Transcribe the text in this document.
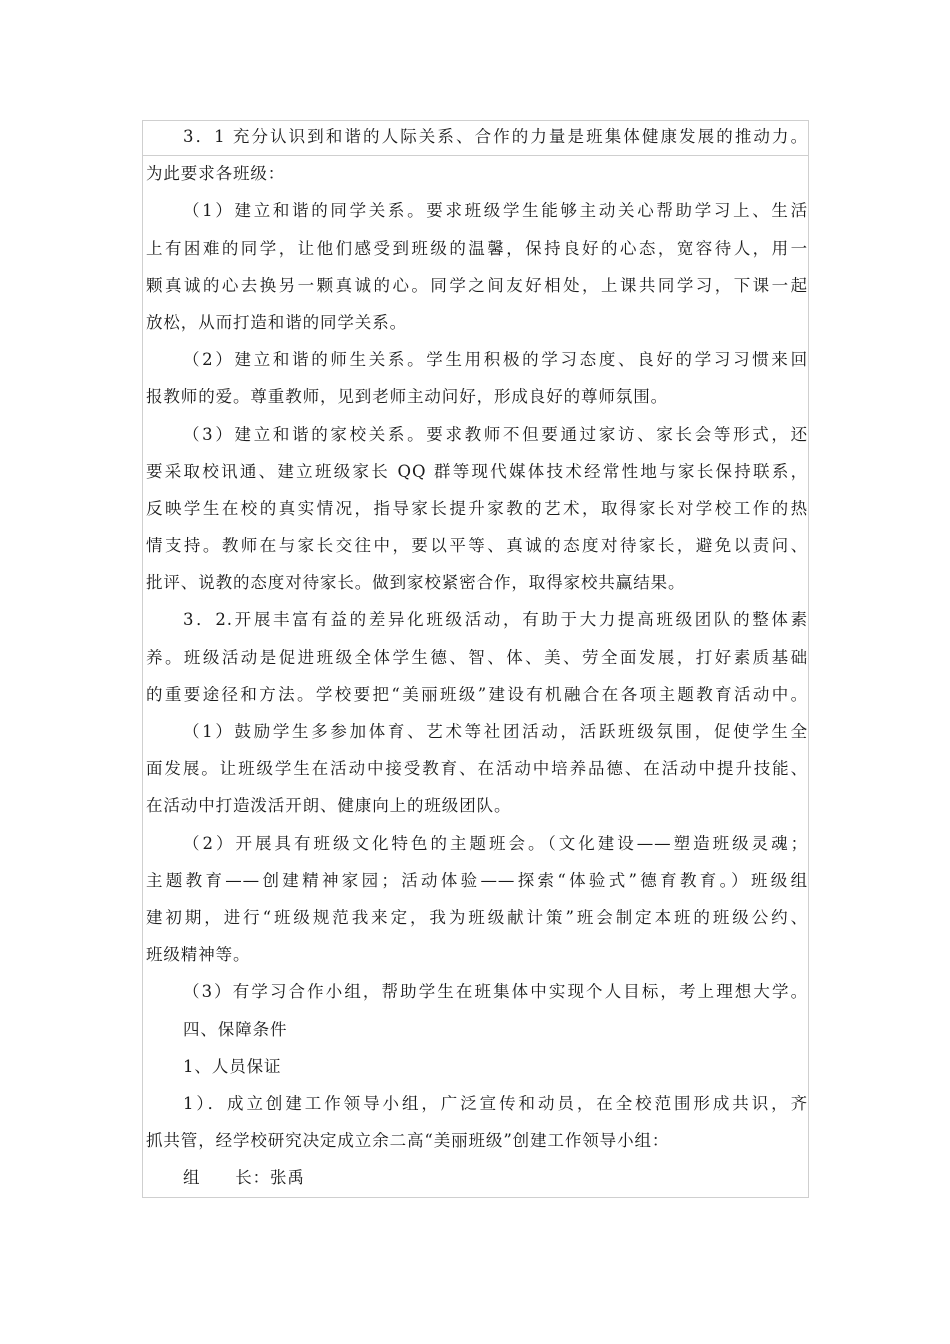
3．1 充分认识到和谐的人际关系、合作的力量是班集体健康发展的推动力。
为此要求各班级：
（1）建立和谐的同学关系。要求班级学生能够主动关心帮助学习上、生活
上有困难的同学，让他们感受到班级的温馨，保持良好的心态，宽容待人，用一
颗真诚的心去换另一颗真诚的心。同学之间友好相处，上课共同学习，下课一起
放松，从而打造和谐的同学关系。
（2）建立和谐的师生关系。学生用积极的学习态度、良好的学习习惯来回
报教师的爱。尊重教师，见到老师主动问好，形成良好的尊师氛围。
（3）建立和谐的家校关系。要求教师不但要通过家访、家长会等形式，还
要采取校讯通、建立班级家长 QQ 群等现代媒体技术经常性地与家长保持联系，
反映学生在校的真实情况，指导家长提升家教的艺术，取得家长对学校工作的热
情支持。教师在与家长交往中，要以平等、真诚的态度对待家长，避免以责问、
批评、说教的态度对待家长。做到家校紧密合作，取得家校共赢结果。
3．2.开展丰富有益的差异化班级活动，有助于大力提高班级团队的整体素
养。班级活动是促进班级全体学生德、智、体、美、劳全面发展，打好素质基础
的重要途径和方法。学校要把“美丽班级”建设有机融合在各项主题教育活动中。
（1）鼓励学生多参加体育、艺术等社团活动，活跃班级氛围，促使学生全
面发展。让班级学生在活动中接受教育、在活动中培养品德、在活动中提升技能、
在活动中打造泼活开朗、健康向上的班级团队。
（2）开展具有班级文化特色的主题班会。（文化建设——塑造班级灵魂；
主题教育——创建精神家园；活动体验——探索“体验式”德育教育。）班级组
建初期，进行“班级规范我来定，我为班级献计策”班会制定本班的班级公约、
班级精神等。
（3）有学习合作小组，帮助学生在班集体中实现个人目标，考上理想大学。
四、保障条件
1、人员保证
1）．成立创建工作领导小组，广泛宣传和动员，在全校范围形成共识，齐
抓共管，经学校研究决定成立余二高“美丽班级”创建工作领导小组：
组　　长：张禹
